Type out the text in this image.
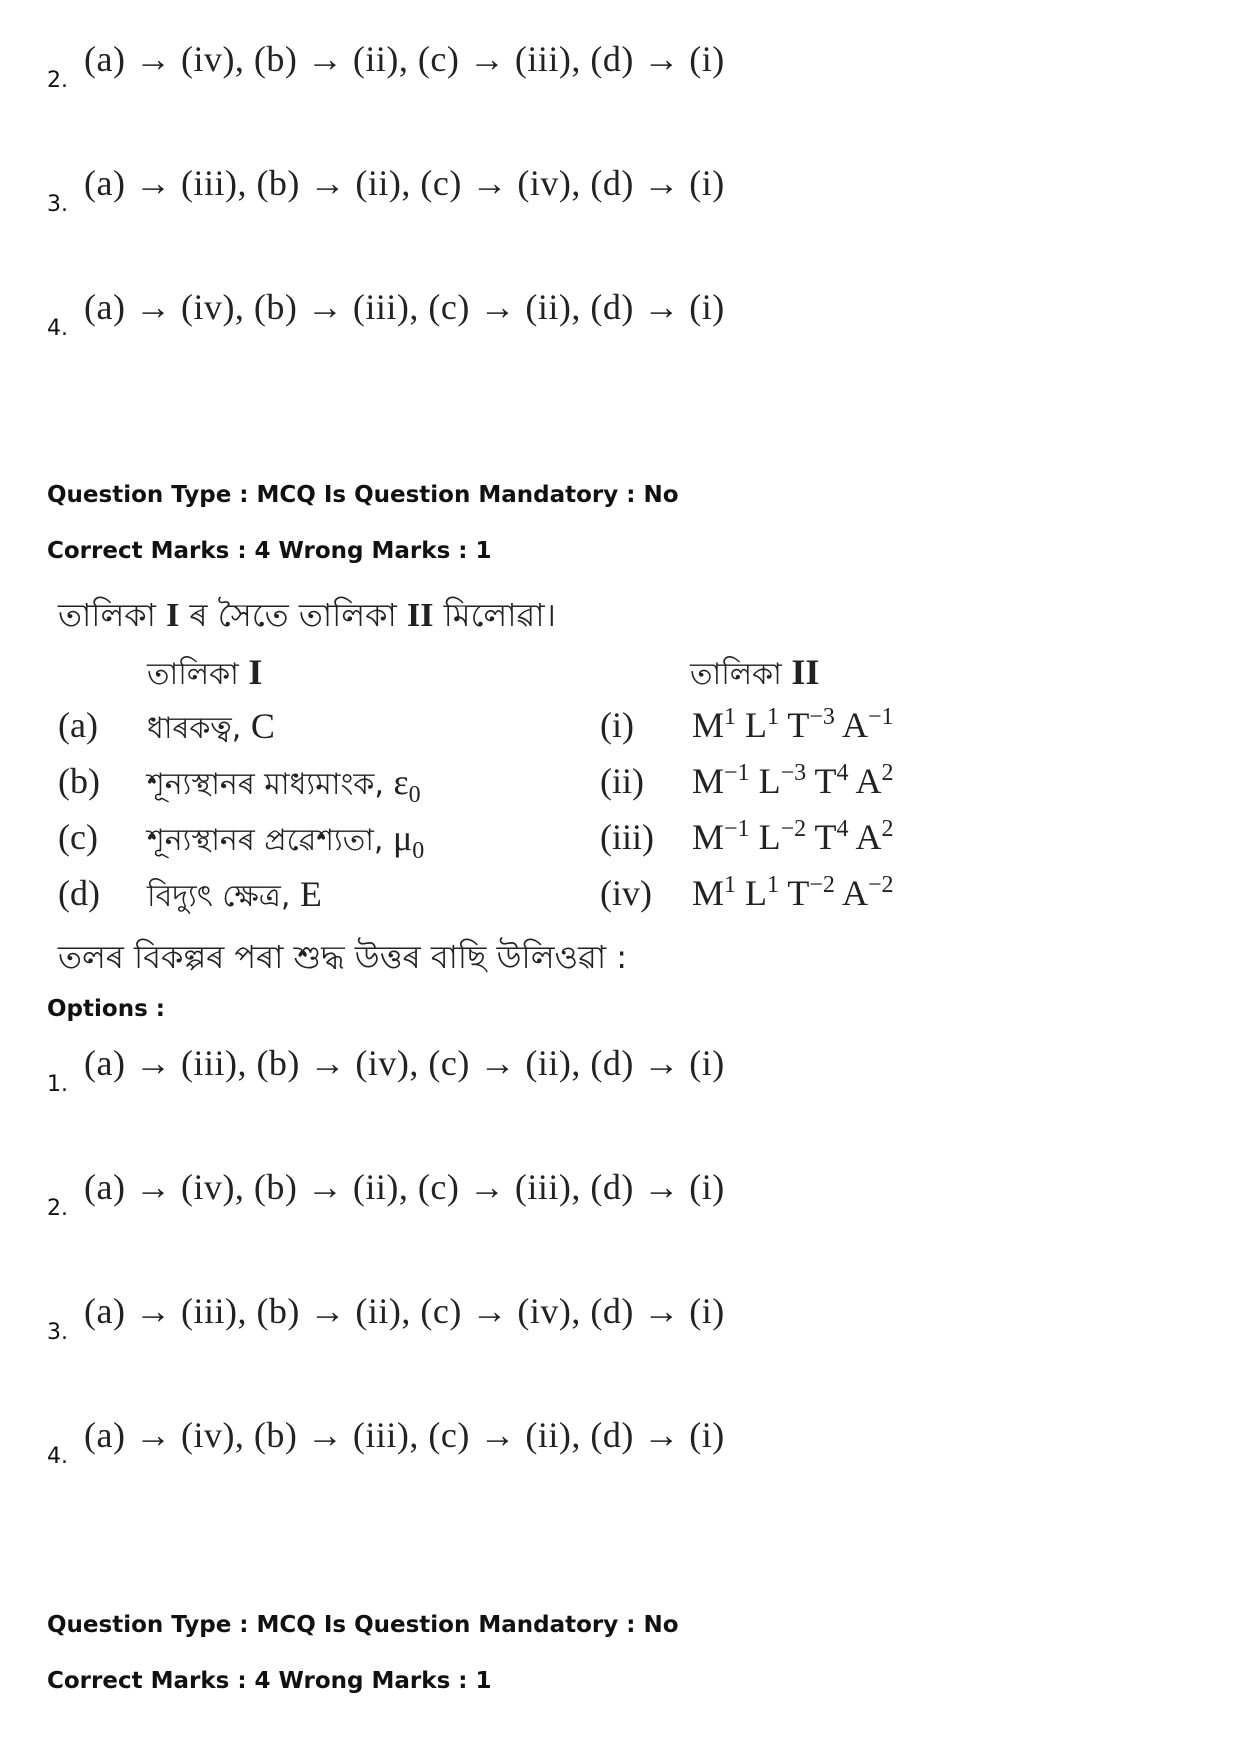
2.
(a) → (iv), (b) → (ii), (c) → (iii), (d) → (i)
3.
(a) → (iii), (b) → (ii), (c) → (iv), (d) → (i)
4.
(a) → (iv), (b) → (iii), (c) → (ii), (d) → (i)
Question Type : MCQ Is Question Mandatory : No
Correct Marks : 4 Wrong Marks : 1
তালিকা I ৰ সৈতে তালিকা II মিলোৱা।
তালিকা I	তালিকা II
(a) ধাৰকত্ব, C	(i) $M^1$ $L^1$ $T^{-3}$ $A^{-1}$
(b) শূন্যস্থানৰ মাধ্যমাংক, $\varepsilon_0$	(ii) $M^{-1}$ $L^{-3}$ $T^4$ $A^2$
(c) শূন্যস্থানৰ প্ৰৱেশ্যতা, $\mu_0$	(iii) $M^{-1}$ $L^{-2}$ $T^4$ $A^2$
(d) বিদ্যুৎ ক্ষেত্ৰ, E	(iv) $M^1$ $L^1$ $T^{-2}$ $A^{-2}$
তলৰ বিকল্পৰ পৰা শুদ্ধ উত্তৰ বাছি উলিওৱা :
Options :
1.
(a) → (iii), (b) → (iv), (c) → (ii), (d) → (i)
2.
(a) → (iv), (b) → (ii), (c) → (iii), (d) → (i)
3.
(a) → (iii), (b) → (ii), (c) → (iv), (d) → (i)
4.
(a) → (iv), (b) → (iii), (c) → (ii), (d) → (i)
Question Type : MCQ Is Question Mandatory : No
Correct Marks : 4 Wrong Marks : 1
